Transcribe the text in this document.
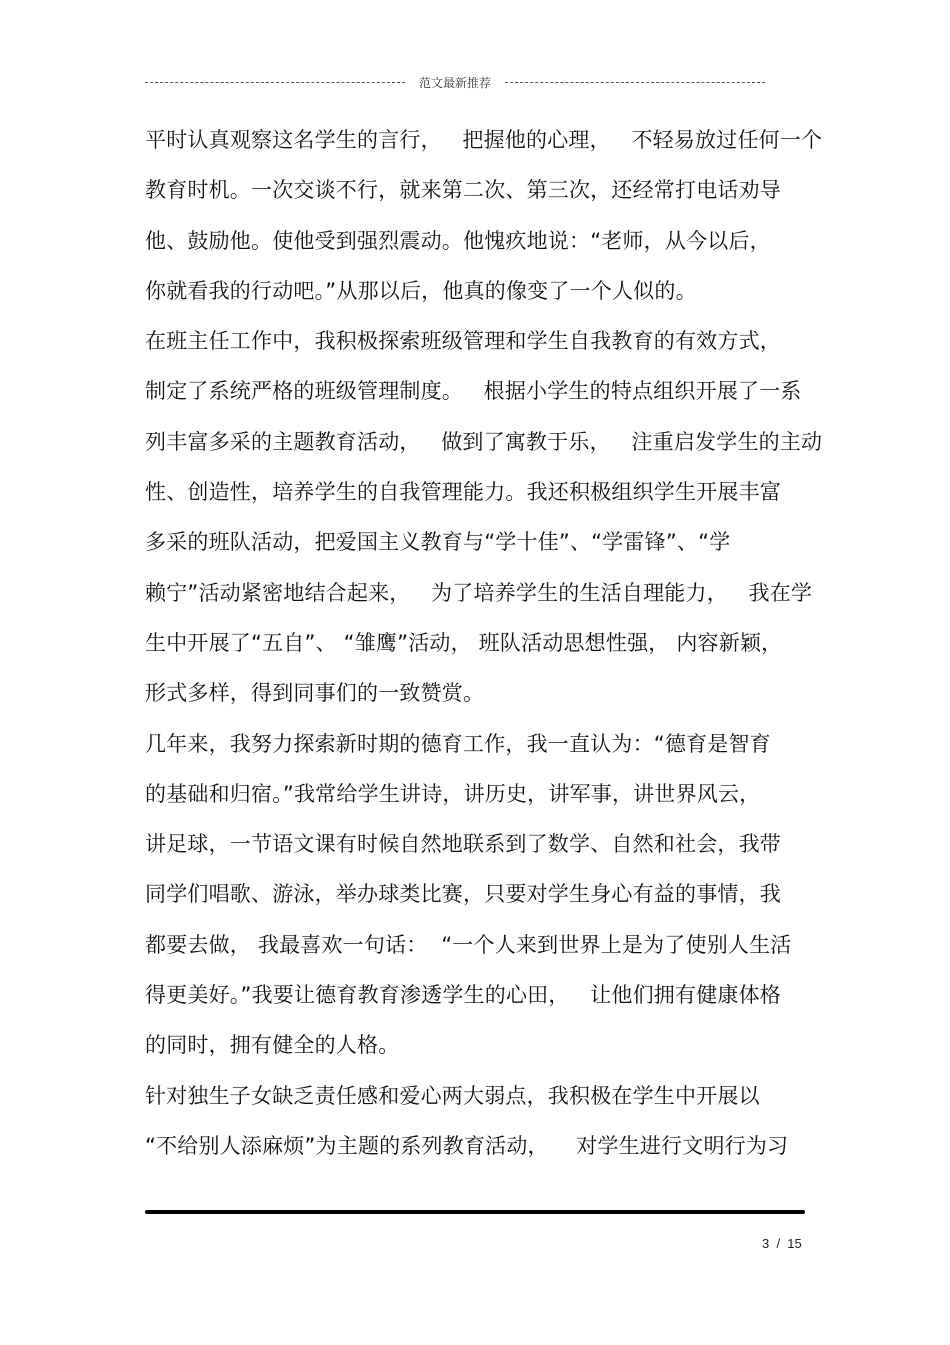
范文最新推荐
平时认真观察这名学生的言行，   把握他的心理，   不轻易放过任何一个
教育时机。一次交谈不行，就来第二次、第三次，还经常打电话劝导
他、鼓励他。使他受到强烈震动。他愧疚地说：“老师，从今以后，
你就看我的行动吧。”从那以后，他真的像变了一个人似的。
在班主任工作中，我积极探索班级管理和学生自我教育的有效方式，
制定了系统严格的班级管理制度。   根据小学生的特点组织开展了一系
列丰富多采的主题教育活动，   做到了寓教于乐，   注重启发学生的主动
性、创造性，培养学生的自我管理能力。我还积极组织学生开展丰富
多采的班队活动，把爱国主义教育与“学十佳”、“学雷锋”、“学
赖宁”活动紧密地结合起来，   为了培养学生的生活自理能力，   我在学
生中开展了“五自”、 “雏鹰”活动， 班队活动思想性强， 内容新颖，
形式多样，得到同事们的一致赞赏。
几年来，我努力探索新时期的德育工作，我一直认为：“德育是智育
的基础和归宿。”我常给学生讲诗，讲历史，讲军事，讲世界风云，
讲足球，一节语文课有时候自然地联系到了数学、自然和社会，我带
同学们唱歌、游泳，举办球类比赛，只要对学生身心有益的事情，我
都要去做， 我最喜欢一句话：  “一个人来到世界上是为了使别人生活
得更美好。”我要让德育教育渗透学生的心田，   让他们拥有健康体格
的同时，拥有健全的人格。
针对独生子女缺乏责任感和爱心两大弱点，我积极在学生中开展以
“不给别人添麻烦”为主题的系列教育活动，    对学生进行文明行为习
3  /  15
